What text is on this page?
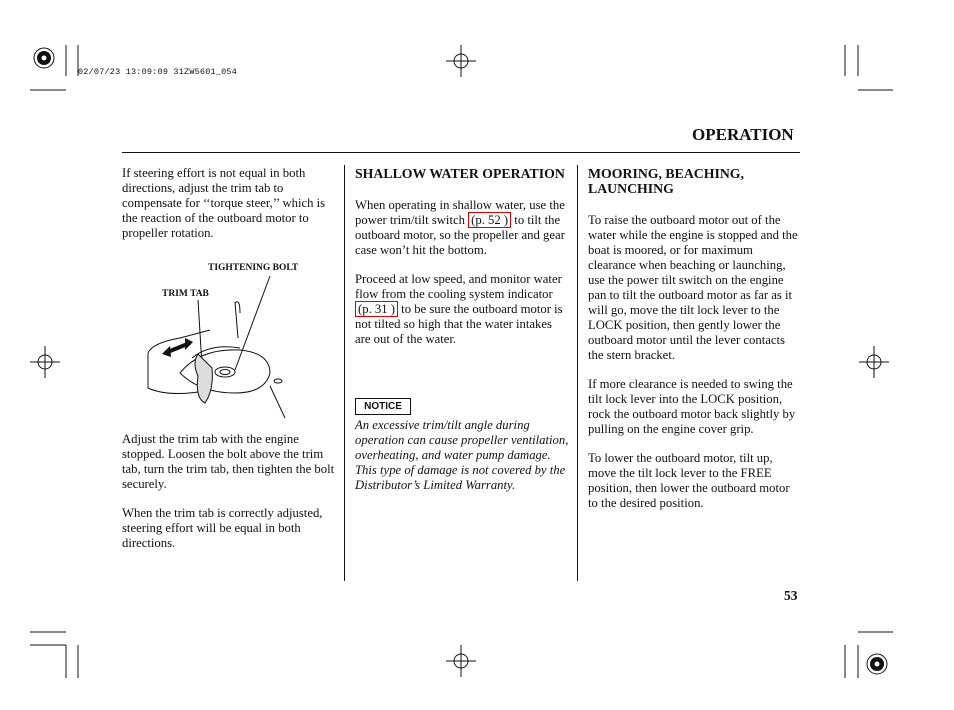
02/07/23 13:09:09 31ZW5601_054
OPERATION

If steering effort is not equal in both directions, adjust the trim tab to compensate for ‘‘torque steer,’’ which is the reaction of the outboard motor to propeller rotation.

TIGHTENING BOLT
TRIM TAB

Adjust the trim tab with the engine stopped. Loosen the bolt above the trim tab, turn the trim tab, then tighten the bolt securely.

When the trim tab is correctly adjusted, steering effort will be equal in both directions.

SHALLOW WATER OPERATION

When operating in shallow water, use the power trim/tilt switch (p. 52 ) to tilt the outboard motor, so the propeller and gear case won’t hit the bottom.

Proceed at low speed, and monitor water flow from the cooling system indicator (p. 31 ) to be sure the outboard motor is not tilted so high that the water intakes are out of the water.

NOTICE
An excessive trim/tilt angle during operation can cause propeller ventilation, overheating, and water pump damage. This type of damage is not covered by the Distributor’s Limited Warranty.
MOORING, BEACHING, LAUNCHING

To raise the outboard motor out of the water while the engine is stopped and the boat is moored, or for maximum clearance when beaching or launching, use the power tilt switch on the engine pan to tilt the outboard motor as far as it will go, move the tilt lock lever to the LOCK position, then gently lower the outboard motor until the lever contacts the stern bracket.

If more clearance is needed to swing the tilt lock lever into the LOCK position, rock the outboard motor back slightly by pulling on the engine cover grip.

To lower the outboard motor, tilt up, move the tilt lock lever to the FREE position, then lower the outboard motor to the desired position.

53
